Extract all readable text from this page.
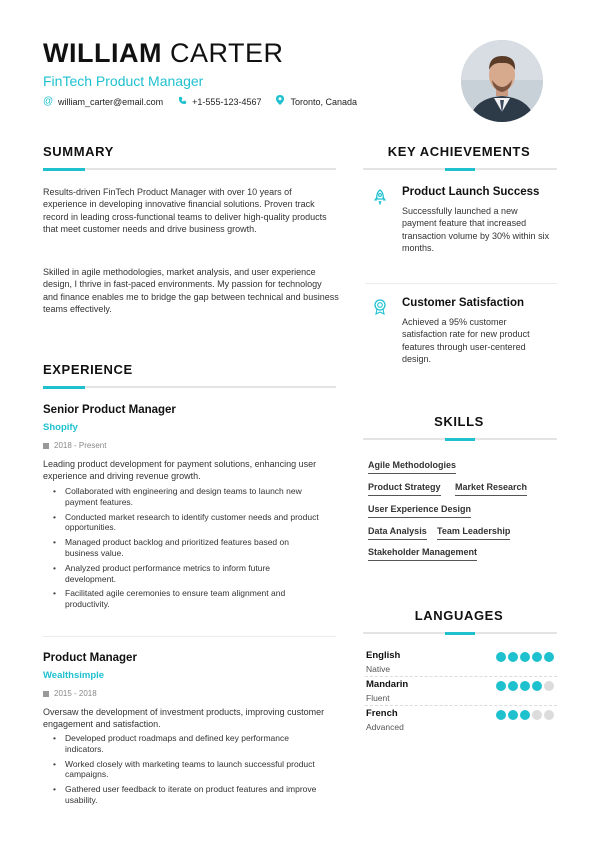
WILLIAM CARTER
FinTech Product Manager
@ william_carter@email.com	+1-555-123-4567	Toronto, Canada
SUMMARY
Results-driven FinTech Product Manager with over 10 years of experience in developing innovative financial solutions. Proven track record in leading cross-functional teams to deliver high-quality products that meet customer needs and drive business growth.
Skilled in agile methodologies, market analysis, and user experience design, I thrive in fast-paced environments. My passion for technology and finance enables me to bridge the gap between technical and business teams effectively.
EXPERIENCE
Senior Product Manager
Shopify
2018 - Present
Leading product development for payment solutions, enhancing user experience and driving revenue growth.
• Collaborated with engineering and design teams to launch new payment features.
• Conducted market research to identify customer needs and product opportunities.
• Managed product backlog and prioritized features based on business value.
• Analyzed product performance metrics to inform future development.
• Facilitated agile ceremonies to ensure team alignment and productivity.
Product Manager
Wealthsimple
2015 - 2018
Oversaw the development of investment products, improving customer engagement and satisfaction.
• Developed product roadmaps and defined key performance indicators.
• Worked closely with marketing teams to launch successful product campaigns.
• Gathered user feedback to iterate on product features and improve usability.
KEY ACHIEVEMENTS
Product Launch Success
Successfully launched a new payment feature that increased transaction volume by 30% within six months.
Customer Satisfaction
Achieved a 95% customer satisfaction rate for new product features through user-centered design.
SKILLS
Agile Methodologies
Product Strategy Market Research
User Experience Design
Data Analysis Team Leadership
Stakeholder Management
LANGUAGES
English
Native
Mandarin
Fluent
French
Advanced
